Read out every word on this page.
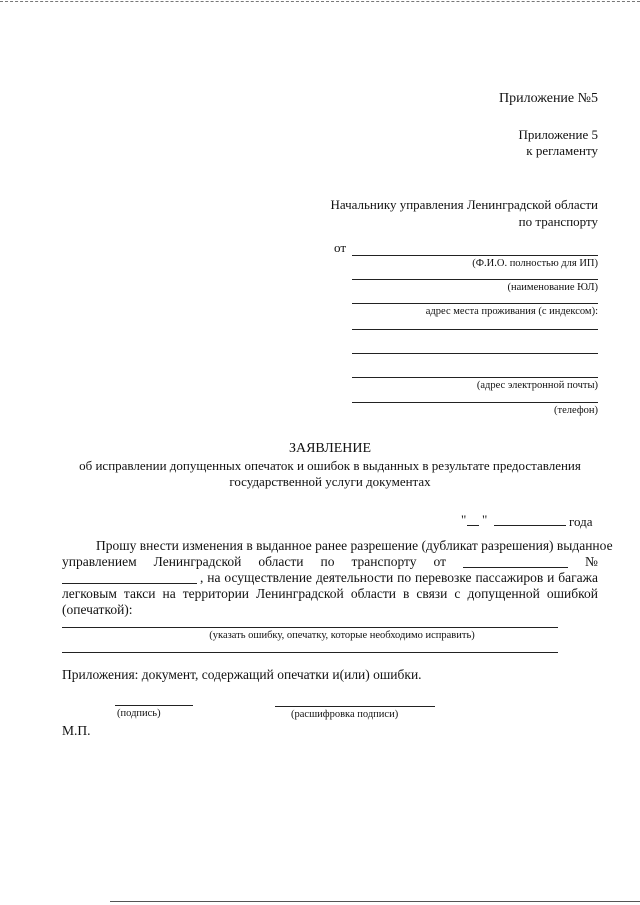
Приложение №5
Приложение 5
к регламенту
Начальнику управления Ленинградской области
по транспорту
от
(Ф.И.О. полностью для ИП)
(наименование ЮЛ)
адрес места проживания (с индексом):
(адрес электронной почты)
(телефон)
ЗАЯВЛЕНИЕ
об исправлении допущенных опечаток и ошибок в выданных в результате предоставления
государственной услуги документах
" "	года
Прошу внести изменения в выданное ранее разрешение (дубликат разрешения) выданное
управлением Ленинградской области по транспорту от	№
, на осуществление деятельности по перевозке пассажиров и багажа
легковым такси на территории Ленинградской области в связи с допущенной ошибкой
(опечаткой):
(указать ошибку, опечатку, которые необходимо исправить)
Приложения: документ, содержащий опечатки и(или) ошибки.
(подпись)	(расшифровка подписи)
М.П.
